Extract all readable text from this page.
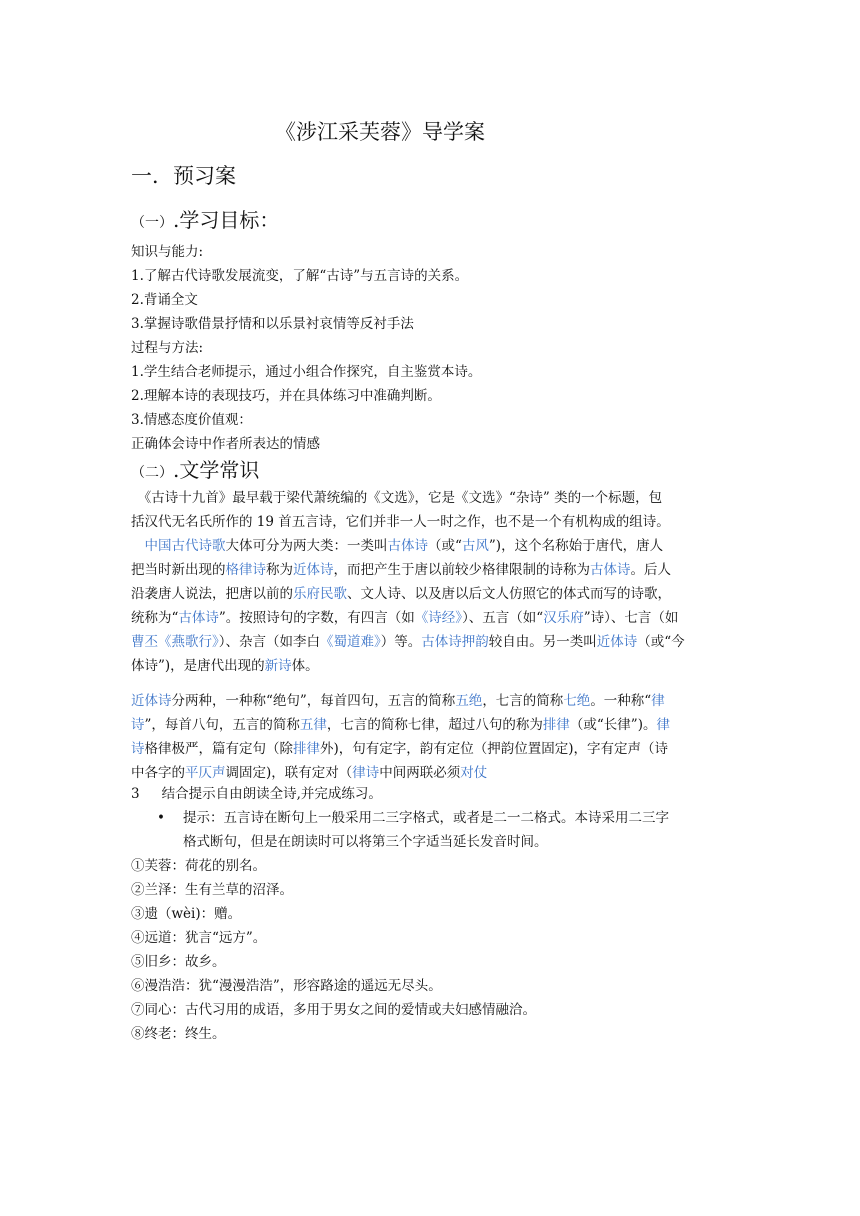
《涉江采芙蓉》导学案
一．预习案
（一）.学习目标：
知识与能力:
1.了解古代诗歌发展流变，了解“古诗”与五言诗的关系。
2.背诵全文
3.掌握诗歌借景抒情和以乐景衬哀情等反衬手法
过程与方法:
1.学生结合老师提示，通过小组合作探究，自主鉴赏本诗。
2.理解本诗的表现技巧，并在具体练习中准确判断。
3.情感态度价值观：
正确体会诗中作者所表达的情感
（二）.文学常识
　《古诗十九首》最早载于梁代萧统编的《文选》，它是《文选》“杂诗” 类的一个标题，包
括汉代无名氏所作的 19 首五言诗，它们并非一人一时之作，也不是一个有机构成的组诗。
　中国古代诗歌大体可分为两大类：一类叫古体诗（或“古风”)，这个名称始于唐代，唐人
把当时新出现的格律诗称为近体诗，而把产生于唐以前较少格律限制的诗称为古体诗。后人
沿袭唐人说法，把唐以前的乐府民歌、文人诗、以及唐以后文人仿照它的体式而写的诗歌，
统称为“古体诗”。按照诗句的字数，有四言（如《诗经》）、五言（如“汉乐府”诗）、七言（如
曹丕《燕歌行》）、杂言（如李白《蜀道难》）等。古体诗押韵较自由。另一类叫近体诗（或“今
体诗”)，是唐代出现的新诗体。
近体诗分两种，一种称“绝句”，每首四句，五言的简称五绝，七言的简称七绝。一种称“律
诗”，每首八句，五言的简称五律，七言的简称七律，超过八句的称为排律（或“长律”)。律
诗格律极严，篇有定句（除排律外)，句有定字，韵有定位（押韵位置固定)，字有定声（诗
中各字的平仄声调固定)，联有定对（律诗中间两联必须对仗
3 结合提示自由朗读全诗,并完成练习。
• 提示：五言诗在断句上一般采用二三字格式，或者是二一二格式。本诗采用二三字
格式断句，但是在朗读时可以将第三个字适当延长发音时间。
①芙蓉：荷花的别名。
②兰泽：生有兰草的沼泽。
③遗（wèi)：赠。
④远道：犹言“远方”。
⑤旧乡：故乡。
⑥漫浩浩：犹“漫漫浩浩”，形容路途的遥远无尽头。
⑦同心：古代习用的成语，多用于男女之间的爱情或夫妇感情融洽。
⑧终老：终生。
